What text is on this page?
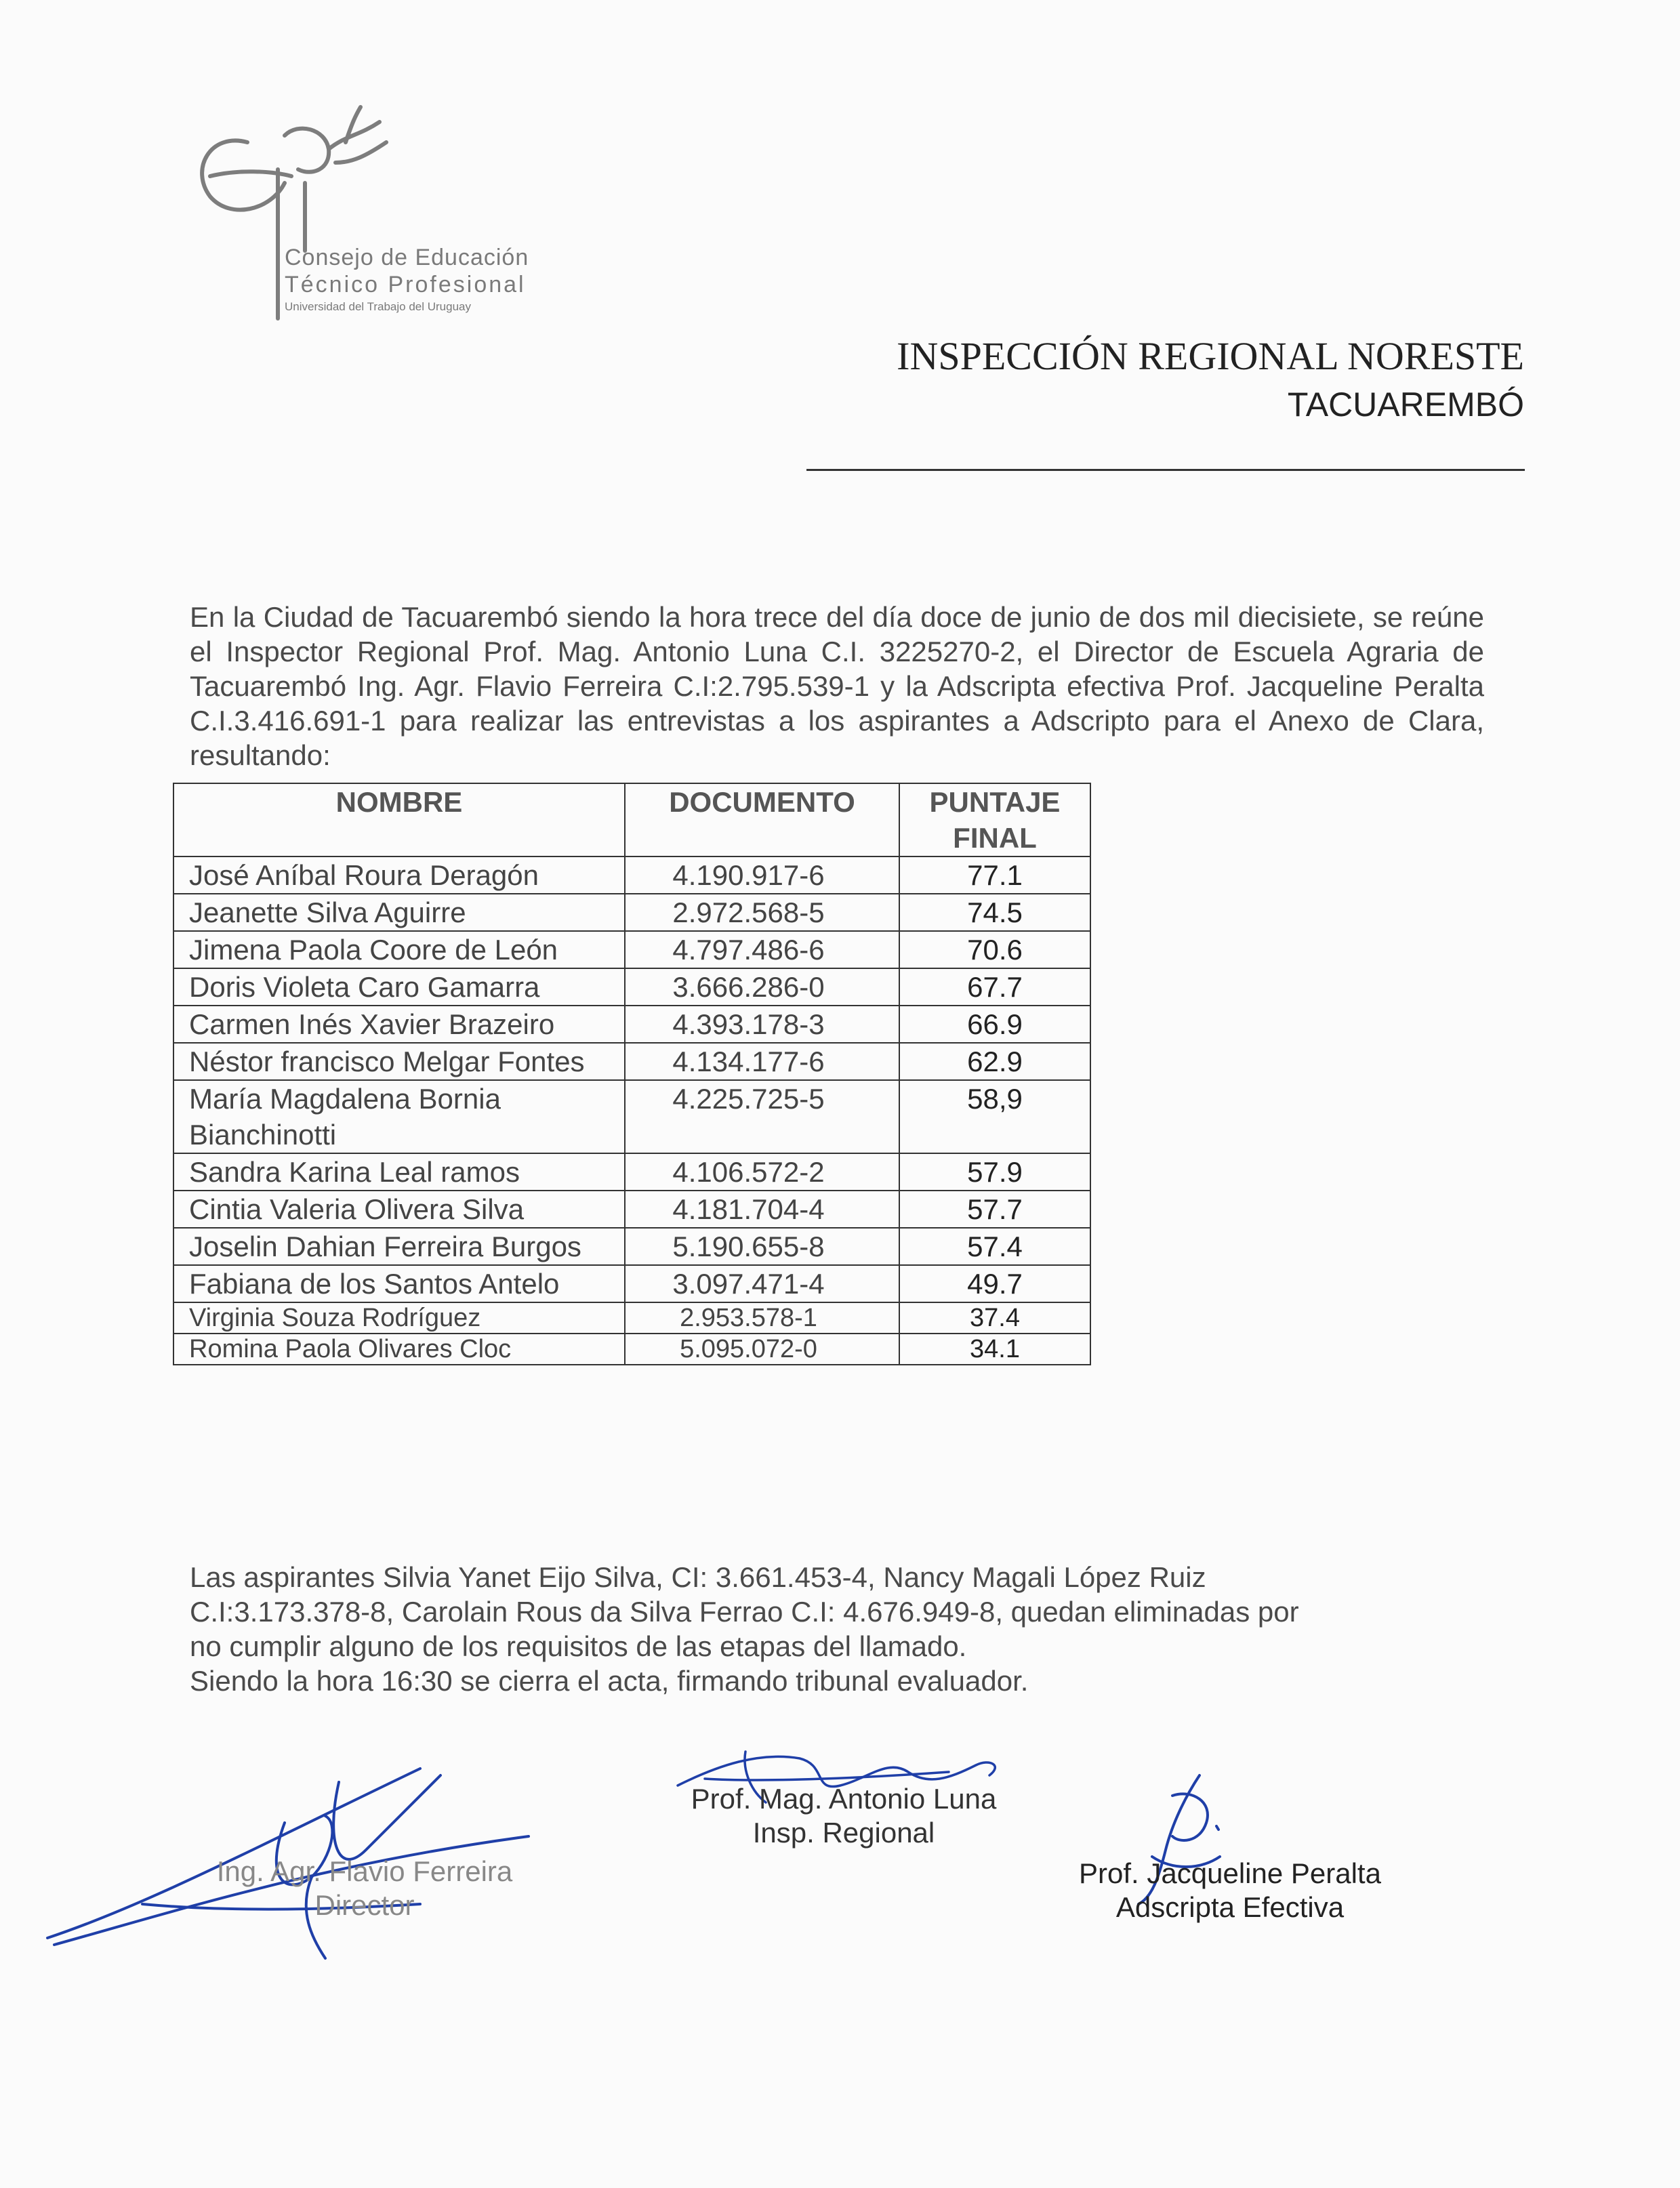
Consejo de Educación
Técnico Profesional
Universidad del Trabajo del Uruguay
INSPECCIÓN REGIONAL NORESTE
TACUAREMBÓ
En la Ciudad de Tacuarembó siendo la hora trece del día doce de junio de dos mil diecisiete, se reúne el Inspector Regional Prof. Mag. Antonio Luna C.I. 3225270-2, el Director de Escuela Agraria de Tacuarembó Ing. Agr. Flavio Ferreira C.I:2.795.539-1 y la Adscripta efectiva Prof. Jacqueline Peralta C.I.3.416.691-1 para realizar las entrevistas a los aspirantes a Adscripto para el Anexo de Clara, resultando:
NOMBRE	DOCUMENTO	PUNTAJE FINAL
José Aníbal Roura Deragón	4.190.917-6	77.1
Jeanette Silva Aguirre	2.972.568-5	74.5
Jimena Paola Coore de León	4.797.486-6	70.6
Doris Violeta Caro Gamarra	3.666.286-0	67.7
Carmen Inés Xavier Brazeiro	4.393.178-3	66.9
Néstor francisco Melgar Fontes	4.134.177-6	62.9
María Magdalena Bornia Bianchinotti	4.225.725-5	58,9
Sandra Karina Leal ramos	4.106.572-2	57.9
Cintia Valeria Olivera Silva	4.181.704-4	57.7
Joselin Dahian Ferreira Burgos	5.190.655-8	57.4
Fabiana de los Santos Antelo	3.097.471-4	49.7
Virginia Souza Rodríguez	2.953.578-1	37.4
Romina Paola Olivares Cloc	5.095.072-0	34.1
Las aspirantes Silvia Yanet Eijo Silva, CI: 3.661.453-4, Nancy Magali López Ruiz
C.I:3.173.378-8, Carolain Rous da Silva Ferrao C.I: 4.676.949-8, quedan eliminadas por
no cumplir alguno de los requisitos de las etapas del llamado.
Siendo la hora 16:30 se cierra el acta, firmando tribunal evaluador.
Ing. Agr. Flavio Ferreira
Director
Prof. Mag. Antonio Luna
Insp. Regional
Prof. Jacqueline Peralta
Adscripta Efectiva
